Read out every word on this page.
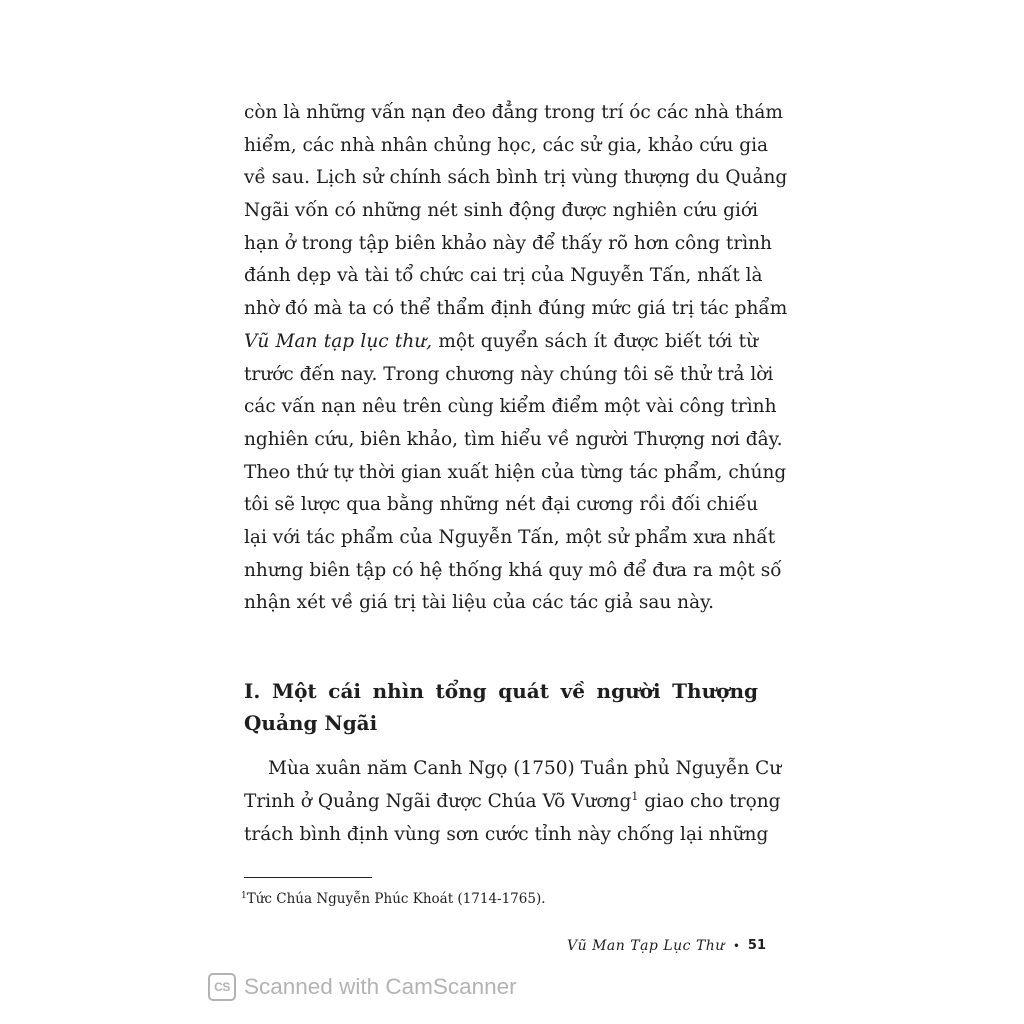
còn là những vấn nạn đeo đẳng trong trí óc các nhà thám
hiểm, các nhà nhân chủng học, các sử gia, khảo cứu gia
về sau. Lịch sử chính sách bình trị vùng thượng du Quảng
Ngãi vốn có những nét sinh động được nghiên cứu giới
hạn ở trong tập biên khảo này để thấy rõ hơn công trình
đánh dẹp và tài tổ chức cai trị của Nguyễn Tấn, nhất là
nhờ đó mà ta có thể thẩm định đúng mức giá trị tác phẩm
Vũ Man tạp lục thư, một quyển sách ít được biết tới từ
trước đến nay. Trong chương này chúng tôi sẽ thử trả lời
các vấn nạn nêu trên cùng kiểm điểm một vài công trình
nghiên cứu, biên khảo, tìm hiểu về người Thượng nơi đây.
Theo thứ tự thời gian xuất hiện của từng tác phẩm, chúng
tôi sẽ lược qua bằng những nét đại cương rồi đối chiếu
lại với tác phẩm của Nguyễn Tấn, một sử phẩm xưa nhất
nhưng biên tập có hệ thống khá quy mô để đưa ra một số
nhận xét về giá trị tài liệu của các tác giả sau này.
I. Một cái nhìn tổng quát về người Thượng
Quảng Ngãi
Mùa xuân năm Canh Ngọ (1750) Tuần phủ Nguyễn Cư
Trinh ở Quảng Ngãi được Chúa Võ Vương$^1$ giao cho trọng
trách bình định vùng sơn cước tỉnh này chống lại những
$^1$Tức Chúa Nguyễn Phúc Khoát (1714-1765).
Vũ Man Tạp Lục Thư • 51
CS Scanned with CamScanner
